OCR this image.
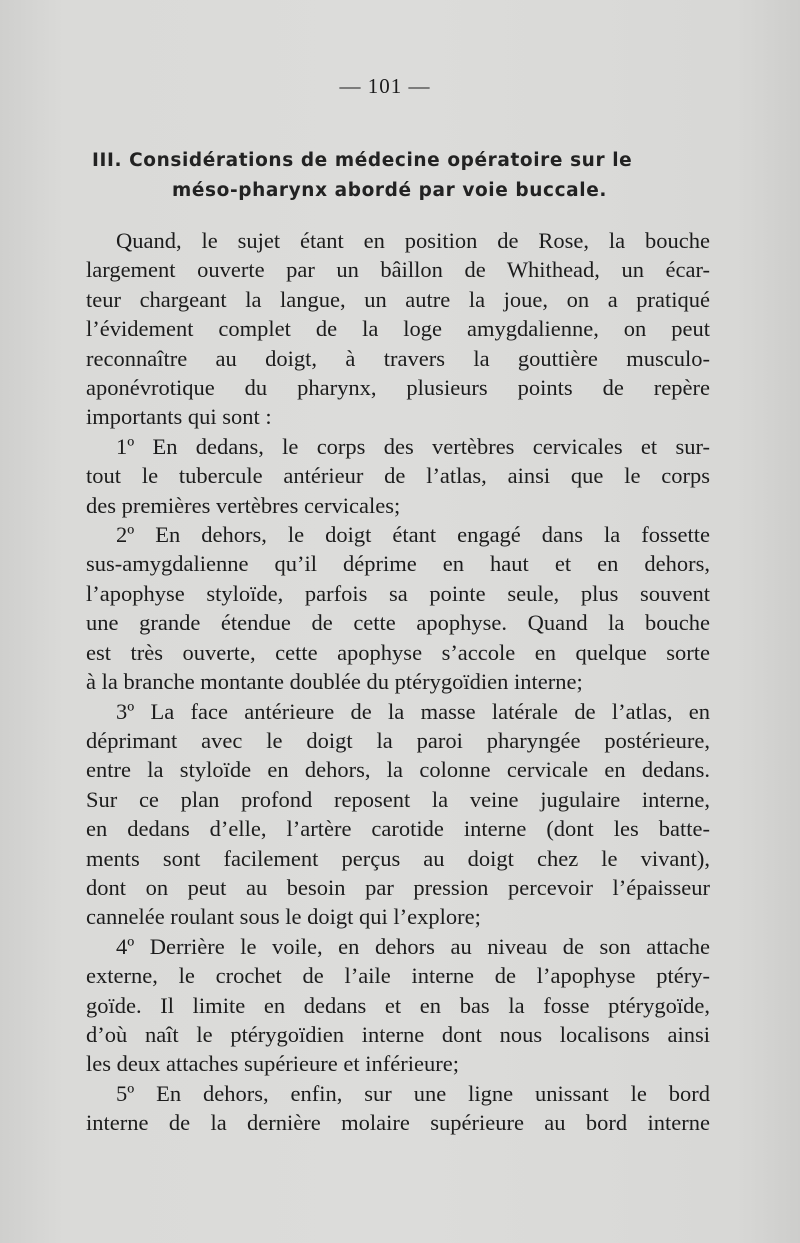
— 101 —
III. Considérations de médecine opératoire sur le
méso-pharynx abordé par voie buccale.
Quand, le sujet étant en position de Rose, la bouche
largement ouverte par un bâillon de Whithead, un écar-
teur chargeant la langue, un autre la joue, on a pratiqué
l’évidement complet de la loge amygdalienne, on peut
reconnaître au doigt, à travers la gouttière musculo-
aponévrotique du pharynx, plusieurs points de repère
importants qui sont :
1º En dedans, le corps des vertèbres cervicales et sur-
tout le tubercule antérieur de l’atlas, ainsi que le corps
des premières vertèbres cervicales;
2º En dehors, le doigt étant engagé dans la fossette
sus-amygdalienne qu’il déprime en haut et en dehors,
l’apophyse styloïde, parfois sa pointe seule, plus souvent
une grande étendue de cette apophyse. Quand la bouche
est très ouverte, cette apophyse s’accole en quelque sorte
à la branche montante doublée du ptérygoïdien interne;
3º La face antérieure de la masse latérale de l’atlas, en
déprimant avec le doigt la paroi pharyngée postérieure,
entre la styloïde en dehors, la colonne cervicale en dedans.
Sur ce plan profond reposent la veine jugulaire interne,
en dedans d’elle, l’artère carotide interne (dont les batte-
ments sont facilement perçus au doigt chez le vivant),
dont on peut au besoin par pression percevoir l’épaisseur
cannelée roulant sous le doigt qui l’explore;
4º Derrière le voile, en dehors au niveau de son attache
externe, le crochet de l’aile interne de l’apophyse ptéry-
goïde. Il limite en dedans et en bas la fosse ptérygoïde,
d’où naît le ptérygoïdien interne dont nous localisons ainsi
les deux attaches supérieure et inférieure;
5º En dehors, enfin, sur une ligne unissant le bord
interne de la dernière molaire supérieure au bord interne
